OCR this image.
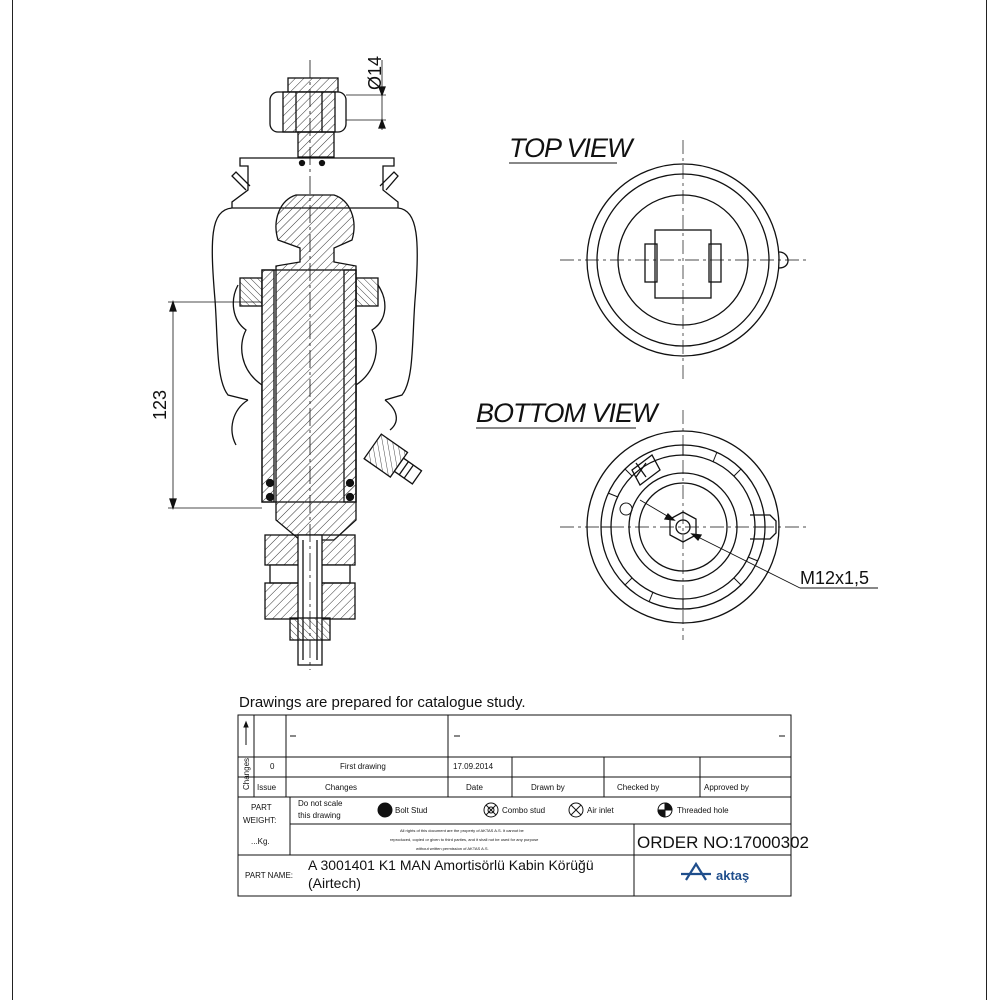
Ø14
123
TOP VIEW
BOTTOM VIEW
M12x1,5
Changes 0	First drawing	17.09.2014
Issue	Changes	Date	Drawn by	Checked by	Approved by
PART
WEIGHT:
...Kg.
Do not scale
this drawing
Bolt Stud	Combo stud	Air inlet	Threaded hole
All rights of this document are the property of AKTAS A.S. It cannot be
reproduced, copied or given to third parties, and it shall not be used for any purpose
without written permission of AKTAS A.S.	ORDER NO:17000302
PART NAME:
A 3001401 K1 MAN Amortisörlü Kabin Körüğü
(Airtech)	aktaş
Drawings are prepared for catalogue study.
